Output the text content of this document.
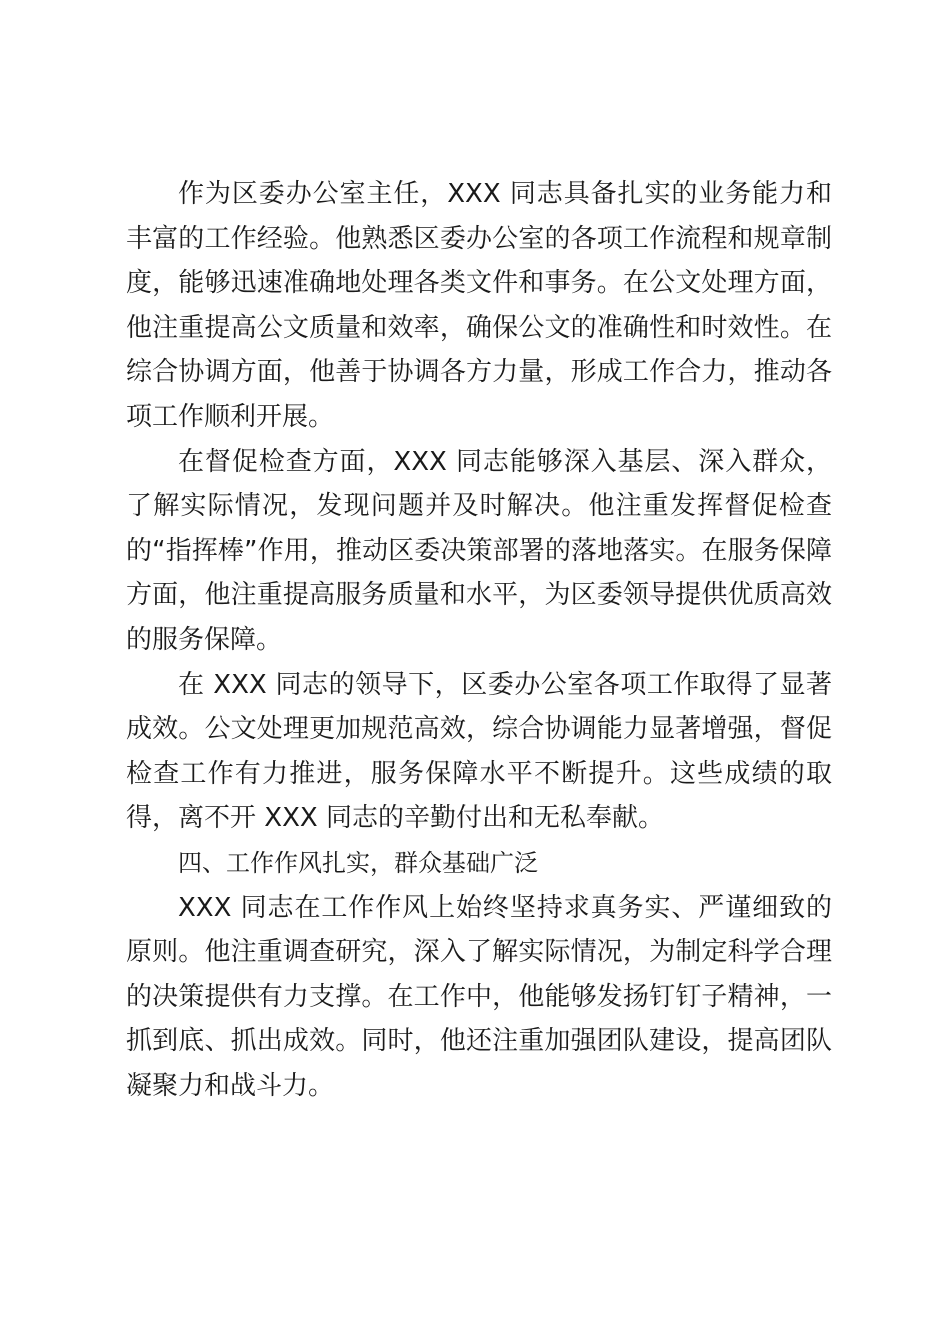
作为区委办公室主任，XXX 同志具备扎实的业务能力和丰富的工作经验。他熟悉区委办公室的各项工作流程和规章制度，能够迅速准确地处理各类文件和事务。在公文处理方面，他注重提高公文质量和效率，确保公文的准确性和时效性。在综合协调方面，他善于协调各方力量，形成工作合力，推动各项工作顺利开展。

在督促检查方面，XXX 同志能够深入基层、深入群众，了解实际情况，发现问题并及时解决。他注重发挥督促检查的“指挥棒”作用，推动区委决策部署的落地落实。在服务保障方面，他注重提高服务质量和水平，为区委领导提供优质高效的服务保障。

在 XXX 同志的领导下，区委办公室各项工作取得了显著成效。公文处理更加规范高效，综合协调能力显著增强，督促检查工作有力推进，服务保障水平不断提升。这些成绩的取得，离不开 XXX 同志的辛勤付出和无私奉献。

四、工作作风扎实，群众基础广泛

XXX 同志在工作作风上始终坚持求真务实、严谨细致的原则。他注重调查研究，深入了解实际情况，为制定科学合理的决策提供有力支撑。在工作中，他能够发扬钉钉子精神，一抓到底、抓出成效。同时，他还注重加强团队建设，提高团队凝聚力和战斗力。
